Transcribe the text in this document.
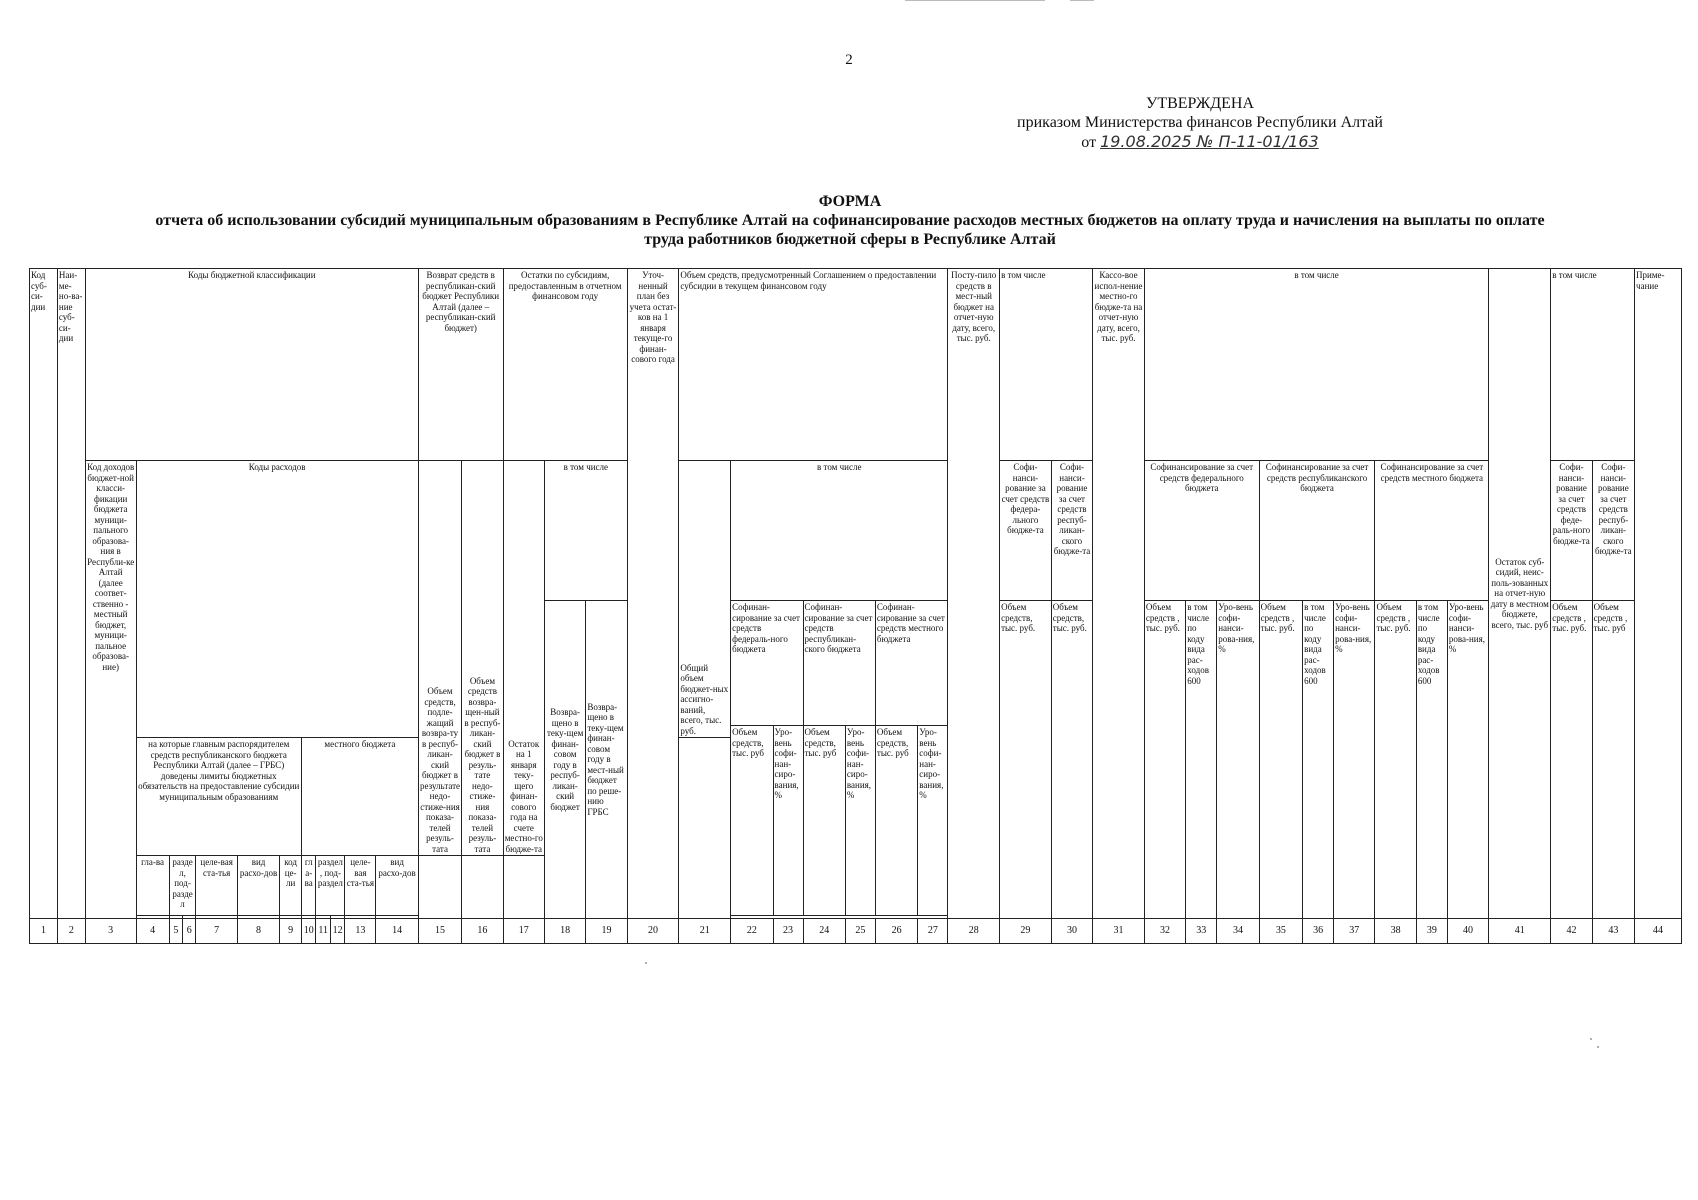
2
УТВЕРЖДЕНА
приказом Министерства финансов Республики Алтай
от 19.08.2025 № П-11-01/163
ФОРМА
отчета об использовании субсидий муниципальным образованиям в Республике Алтай на софинансирование расходов местных бюджетов на оплату труда и начисления на выплаты по оплате
труда работников бюджетной сферы в Республике Алтай
Код суб-си-дии	Наи-ме-но-ва-ние суб-си-дии	Коды бюджетной классификации												Возврат средств в республикан-ский бюджет Республики Алтай (далее – республикан-ский бюджет)		Остатки по субсидиям, предоставленным в отчетном финансовом году			Уточ-ненный план без учета остат-ков на 1 января текуще-го финан-сового года	Объем средств, предусмотренный Соглашением о предоставлении субсидии в текущем финансовом году							Посту-пило средств в мест-ный бюджет на отчет-ную дату, всего, тыс. руб.	в том числе		Кассо-вое испол-нение местно-го бюдже-та на отчет-ную дату, всего, тыс. руб.	в том числе									Остаток суб-сидий, неис-поль-зованных на отчет-ную дату в местном бюджете, всего, тыс. руб	в том числе		Приме-чание
		Код доходов бюджет-ной класси-фикации бюджета муници-пального образова-ния в Республи-ке Алтай (далее соответ-ственно - местный бюджет, муници-пальное образова-ние)	Коды расходов											Объем средств, подле-жащий возвра-ту в респуб-ликан-ский бюджет в результате недо-стиже-ния показа-телей резуль-тата	Объем средств возвра-щен-ный в респуб-ликан-ский бюджет в резуль-тате недо-стиже-ния показа-телей резуль-тата	Остаток на 1 января теку-щего финан-сового года на счете местно-го бюдже-та	в том числе			Общий объем бюджет-ных ассигно-ваний, всего, тыс. руб.	в том числе							Софи-нанси-рование за счет средств федера-льного бюдже-та	Софи-нанси-рование за счет средств респуб-ликан-ского бюдже-та		Софинансирование за счет средств федерального бюджета			Софинансирование за счет средств республиканского бюджета			Софинансирование за счет средств местного бюджета				Софи-нанси-рование за счет средств феде-раль-ного бюдже-та	Софи-нанси-рование за счет средств респуб-ликан-ского бюдже-та	
																	Возвра-щено в теку-щем финан-совом году в респуб-ликан-ский бюджет	Возвра-щено в теку-щем финан-совом году в мест-ный бюджет по реше-нию ГРБС			Софинан-сирование за счет средств федераль-ного бюджета		Софинан-сирование за счет средств республикан-ского бюджета		Софинан-сирование за счет средств местного бюджета			Объем средств, тыс. руб.	Объем средств, тыс. руб.		Объем средств , тыс. руб.	в том числе по коду вида рас-ходов 600	Уро-вень софи-нанси-рова-ния, %	Объем средств , тыс. руб.	в том числе по коду вида рас-ходов 600	Уро-вень софи-нанси-рова-ния, %	Объем средств , тыс. руб.	в том числе по коду вида рас-ходов 600	Уро-вень софи-нанси-рова-ния, %		Объем средств , тыс. руб.	Объем средств , тыс. руб	
																					Объем средств, тыс. руб	Уро-вень софи-нан-сиро-вания, %	Объем средств, тыс. руб	Уро-вень софи-нан-сиро-вания, %	Объем средств, тыс. руб	Уро-вень софи-нан-сиро-вания, %																	
			на которые главным распорядителем средств республиканского бюджета Республики Алтай (далее – ГРБС) доведены лимиты бюджетных обязательств на предоставление субсидии муниципальным образованиям						местного бюджета																																		
			гла-ва	раздел, под-раздел		целе-вая ста-тья	вид расхо-дов	код це-ли	гла-ва	раздел, под-раздел		целе-вая ста-тья	вид расхо-дов																														

1	2	3	4	5	6	7	8	9	10	11	12	13	14	15	16	17	18	19	20	21	22	23	24	25	26	27	28	29	30	31	32	33	34	35	36	37	38	39	40	41	42	43	44
